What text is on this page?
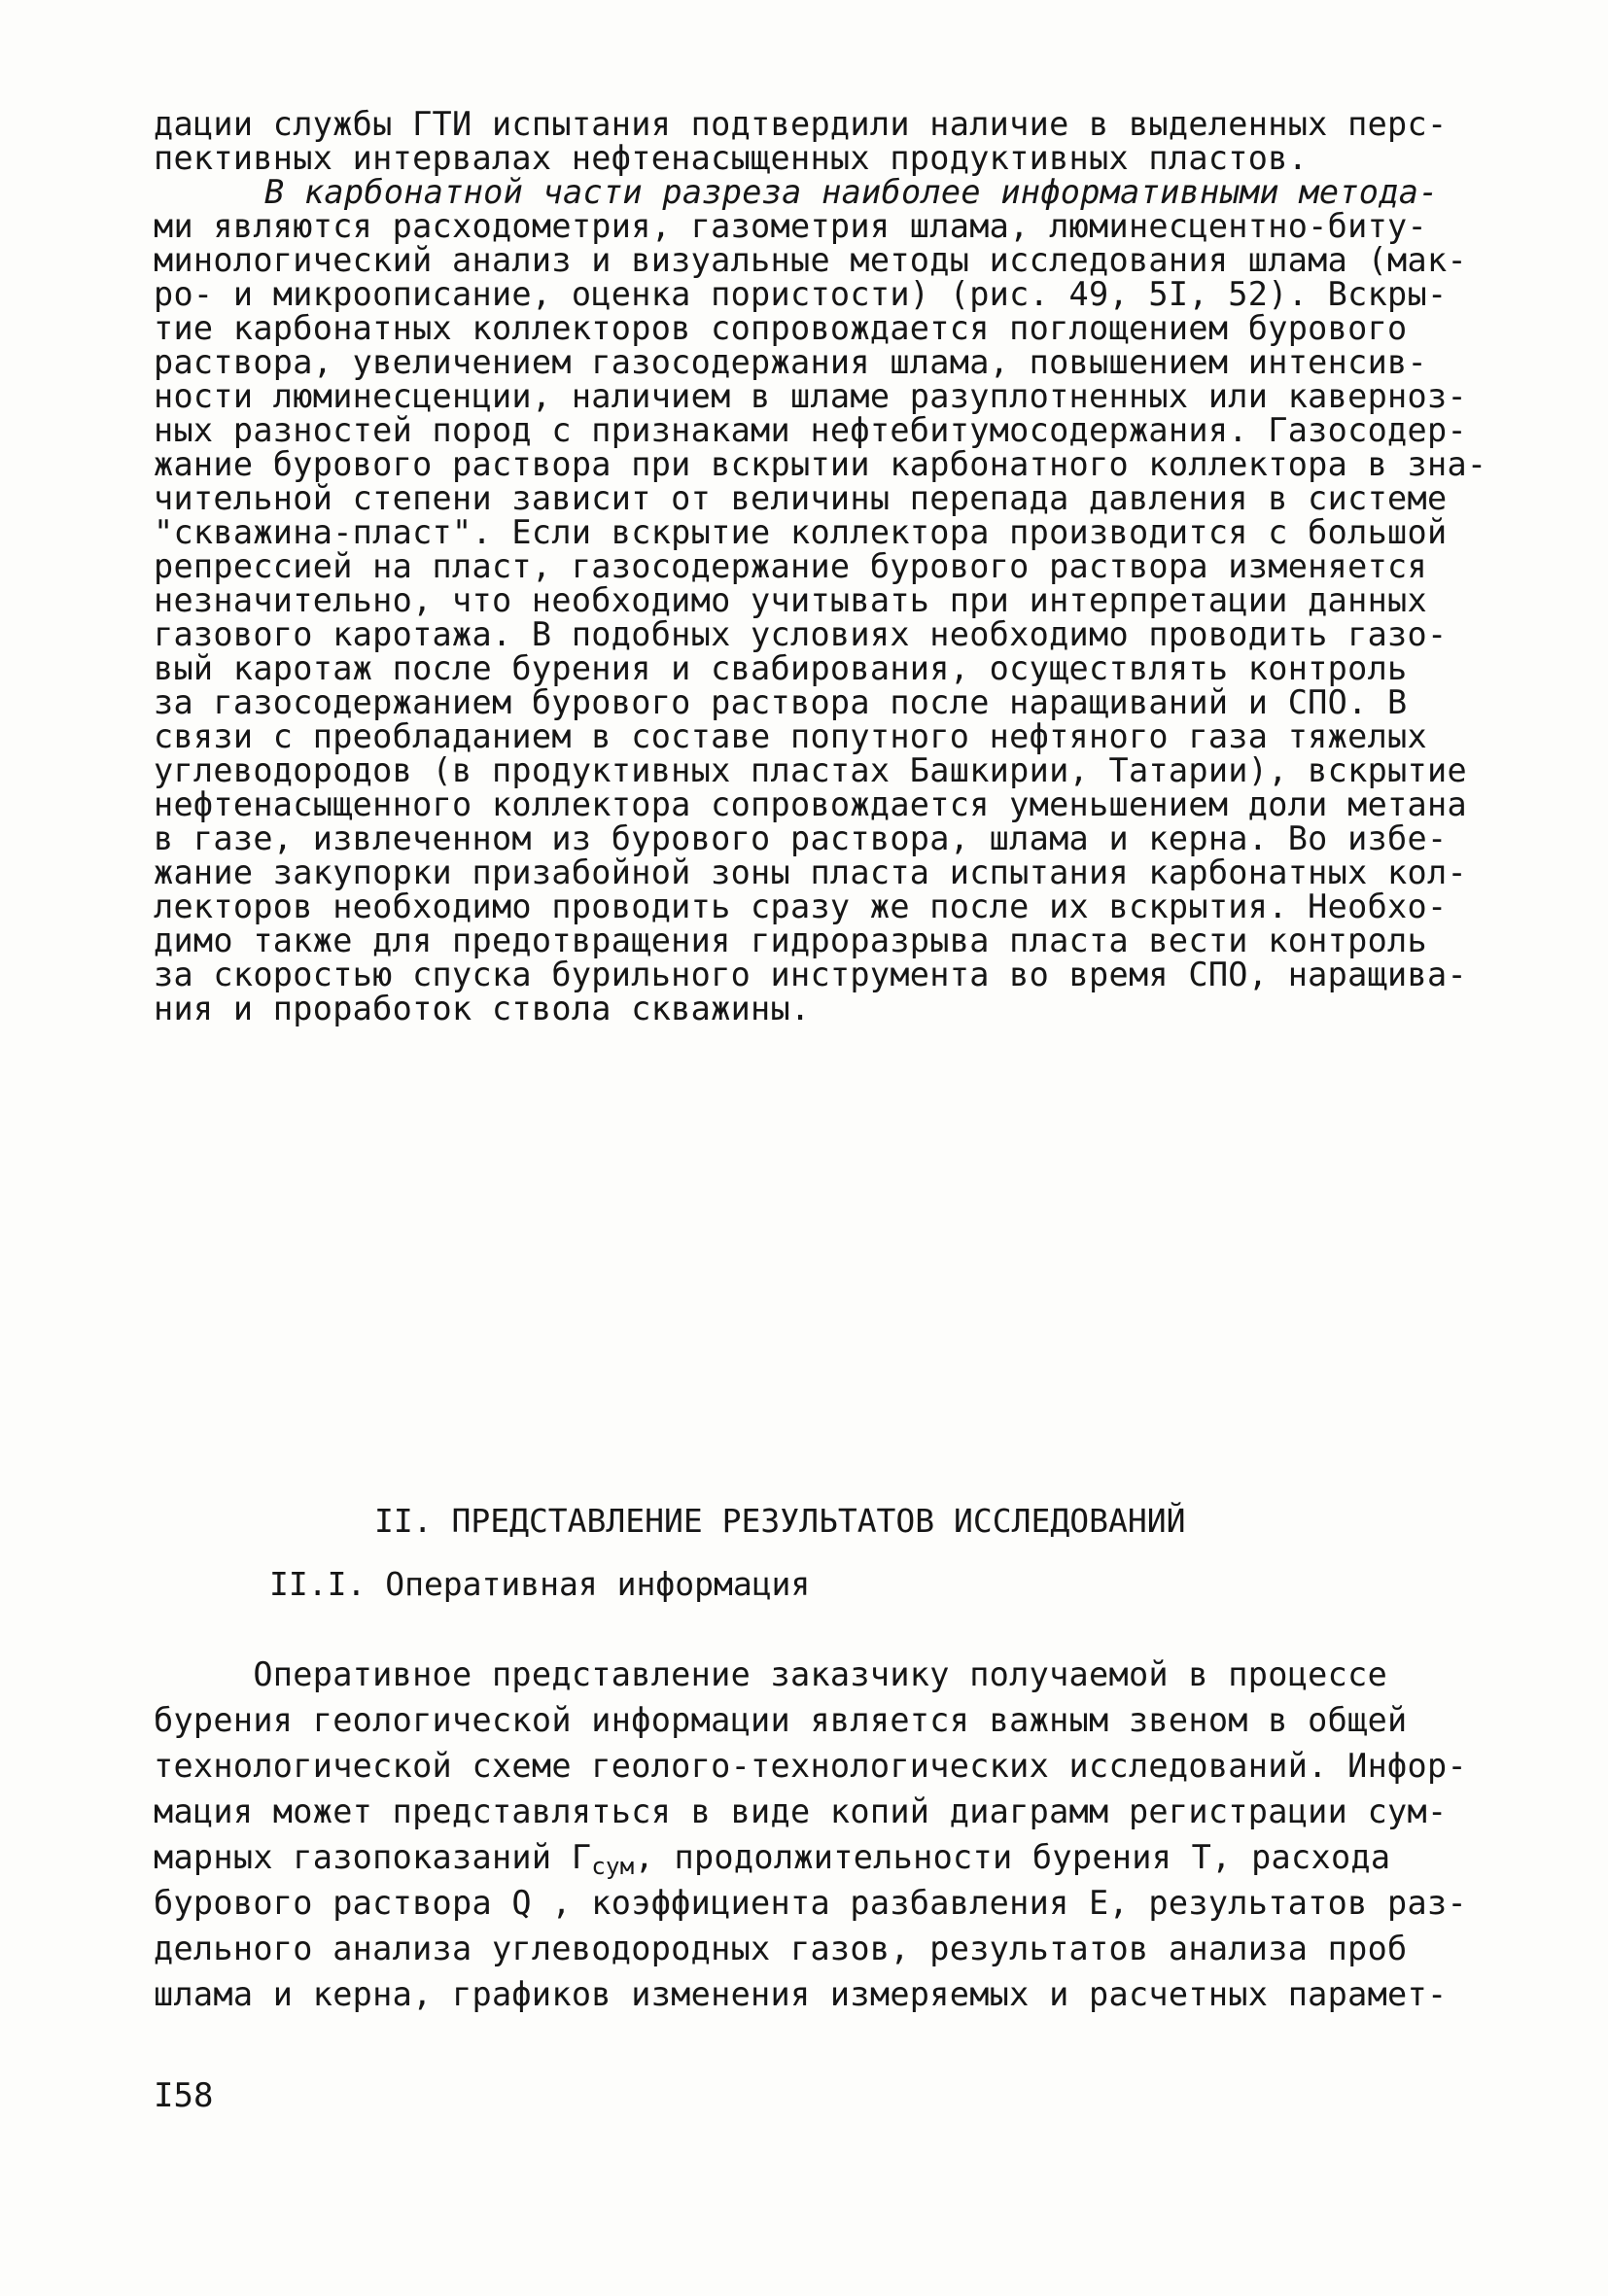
дации службы ГТИ испытания подтвердили наличие в выделенных перс-
пективных интервалах нефтенасыщенных продуктивных пластов.
В карбонатной части разреза наиболее информативными метода-
ми являются расходометрия, газометрия шлама, люминесцентно-биту-
минологический анализ и визуальные методы исследования шлама (мак-
ро- и микроописание, оценка пористости) (рис. 49, 5I, 52). Вскры-
тие карбонатных коллекторов сопровождается поглощением бурового
раствора, увеличением газосодержания шлама, повышением интенсив-
ности люминесценции, наличием в шламе разуплотненных или каверноз-
ных разностей пород с признаками нефтебитумосодержания. Газосодер-
жание бурового раствора при вскрытии карбонатного коллектора в зна-
чительной степени зависит от величины перепада давления в системе
"скважина-пласт". Если вскрытие коллектора производится с большой
репрессией на пласт, газосодержание бурового раствора изменяется
незначительно, что необходимо учитывать при интерпретации данных
газового каротажа. В подобных условиях необходимо проводить газо-
вый каротаж после бурения и свабирования, осуществлять контроль
за газосодержанием бурового раствора после наращиваний и СПО. В
связи с преобладанием в составе попутного нефтяного газа тяжелых
углеводородов (в продуктивных пластах Башкирии, Татарии), вскрытие
нефтенасыщенного коллектора сопровождается уменьшением доли метана
в газе, извлеченном из бурового раствора, шлама и керна. Во избе-
жание закупорки призабойной зоны пласта испытания карбонатных кол-
лекторов необходимо проводить сразу же после их вскрытия. Необхо-
димо также для предотвращения гидроразрыва пласта вести контроль
за скоростью спуска бурильного инструмента во время СПО, наращива-
ния и проработок ствола скважины.
II. ПРЕДСТАВЛЕНИЕ РЕЗУЛЬТАТОВ ИССЛЕДОВАНИЙ
II.I. Оперативная информация
Оперативное представление заказчику получаемой в процессе
бурения геологической информации является важным звеном в общей
технологической схеме геолого-технологических исследований. Инфор-
мация может представляться в виде копий диаграмм регистрации сум-
марных газопоказаний $Г_{сум}$, продолжительности бурения Т, расхода
бурового раствора Q , коэффициента разбавления Е, результатов раз-
дельного анализа углеводородных газов, результатов анализа проб
шлама и керна, графиков изменения измеряемых и расчетных парамет-
I58
